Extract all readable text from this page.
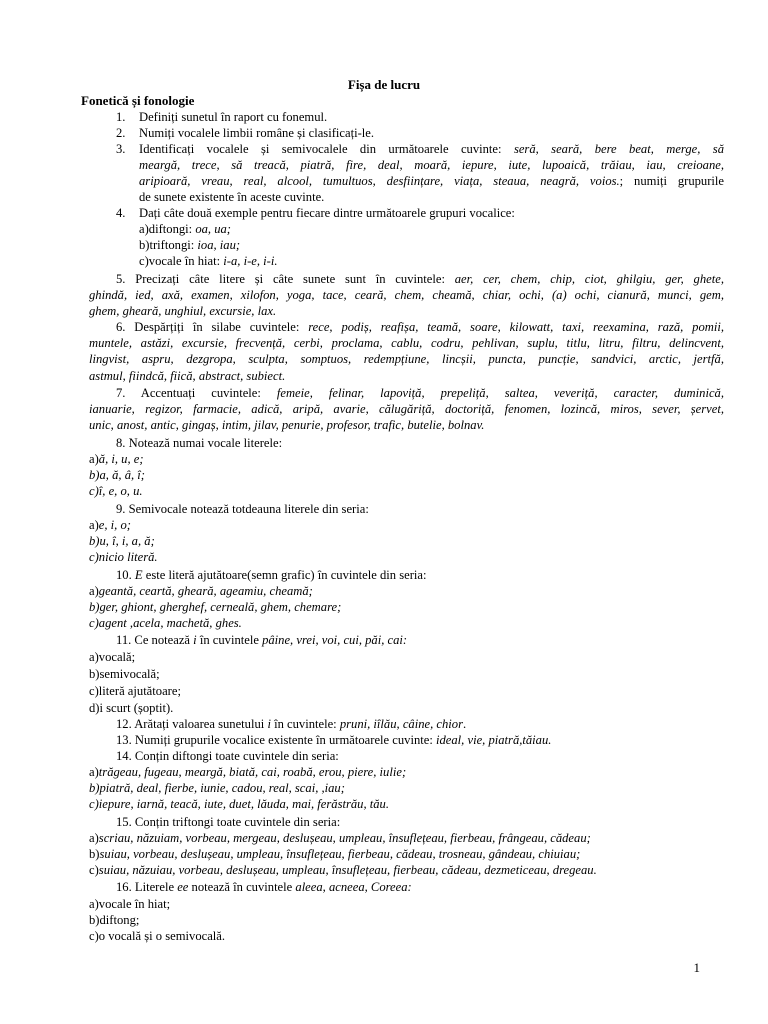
Fișa de lucru
Fonetică și fonologie
1. Definiți sunetul în raport cu fonemul.
2. Numiți vocalele limbii române și clasificați-le.
3. Identificați vocalele și semivocalele din următoarele cuvinte: seră, seară, bere beat, merge, să
meargă, trece, să treacă, piatră, fire, deal, moară, iepure, iute, lupoaică, trăiau, iau, creioane,
aripioară, vreau, real, alcool, tumultuos, desființare, viața, steaua, neagră, voios.; numiți grupurile
de sunete existente în aceste cuvinte.
4. Dați câte două exemple pentru fiecare dintre următoarele grupuri vocalice:
a)diftongi: oa, ua;
b)triftongi: ioa, iau;
c)vocale în hiat: i-a, i-e, i-i.
5. Precizați câte litere și câte sunete sunt în cuvintele: aer, cer, chem, chip, ciot, ghilgiu, ger, ghete,
ghindă, ied, axă, examen, xilofon, yoga, tace, ceară, chem, cheamă, chiar, ochi, (a) ochi, cianură, munci, gem,
ghem, gheară, unghiul, excursie, lax.
6. Despărțiți în silabe cuvintele: rece, podiș, reafișa, teamă, soare, kilowatt, taxi, reexamina, rază, pomii,
muntele, astăzi, excursie, frecvență, cerbi, proclama, cablu, codru, pehlivan, suplu, titlu, litru, filtru, delincvent,
lingvist, aspru, dezgropa, sculpta, somptuos, redempțiune, lincșii, puncta, puncție, sandvici, arctic, jertfă,
astmul, fiindcă, fiică, abstract, subiect.
7. Accentuați cuvintele: femeie, felinar, lapoviță, prepeliță, saltea, veveriță, caracter, duminică,
ianuarie, regizor, farmacie, adică, aripă, avarie, călugăriță, doctoriță, fenomen, lozincă, miros, sever, șervet,
unic, anost, antic, gingaș, intim, jilav, penurie, profesor, trafic, butelie, bolnav.
8. Notează numai vocale literele:
a)ă, i, u, e;
b)a, ă, â, î;
c)î, e, o, u.
9. Semivocale notează totdeauna literele din seria:
a)e, i, o;
b)u, î, i, a, ă;
c)nicio literă.
10. E este literă ajutătoare(semn grafic) în cuvintele din seria:
a)geantă, ceartă, gheară, ageamiu, cheamă;
b)ger, ghiont, gherghef, cerneală, ghem, chemare;
c)agent ,acela, machetă, ghes.
11. Ce notează i în cuvintele pâine, vrei, voi, cui, păi, cai:
a)vocală;
b)semivocală;
c)literă ajutătoare;
d)i scurt (șoptit).
12. Arătați valoarea sunetului i în cuvintele: pruni, iîlău, câine, chior.
13. Numiți grupurile vocalice existente în următoarele cuvinte: ideal, vie, piatră,tăiau.
14. Conțin diftongi toate cuvintele din seria:
a)trăgeau, fugeau, meargă, biată, cai, roabă, erou, piere, iulie;
b)piatră, deal, fierbe, iunie, cadou, real, scai, ,iau;
c)iepure, iarnă, teacă, iute, duet, lăuda, mai, ferăstrău, tău.
15. Conțin triftongi toate cuvintele din seria:
a)scriau, năzuiam, vorbeau, mergeau, deslușeau, umpleau, însuflețeau, fierbeau, frângeau, cădeau;
b)suiau, vorbeau, deslușeau, umpleau, însuflețeau, fierbeau, cădeau, trosneau, gândeau, chiuiau;
c)suiau, năzuiau, vorbeau, deslușeau, umpleau, însuflețeau, fierbeau, cădeau, dezmeticeau, dregeau.
16. Literele ee notează în cuvintele aleea, acneea, Coreea:
a)vocale în hiat;
b)diftong;
c)o vocală și o semivocală.
1
